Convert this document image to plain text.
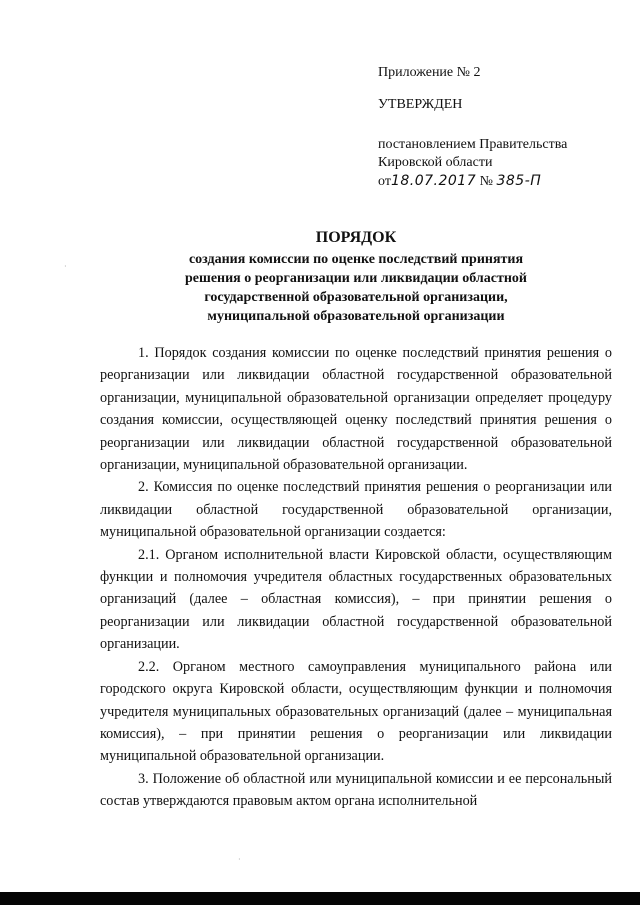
Приложение № 2
УТВЕРЖДЕН
постановлением Правительства
Кировской области
от18.07.2017 № 385-П
ПОРЯДОК
создания комиссии по оценке последствий принятия
решения о реорганизации или ликвидации областной
государственной образовательной организации,
муниципальной образовательной организации

1. Порядок создания комиссии по оценке последствий принятия решения о реорганизации или ликвидации областной государственной образовательной организации, муниципальной образовательной организации определяет процедуру создания комиссии, осуществляющей оценку последствий принятия решения о реорганизации или ликвидации областной государственной образовательной организации, муниципальной образовательной организации.

2. Комиссия по оценке последствий принятия решения о реорганизации или ликвидации областной государственной образовательной организации, муниципальной образовательной организации создается:

2.1. Органом исполнительной власти Кировской области, осуществляющим функции и полномочия учредителя областных государственных образовательных организаций (далее – областная комиссия), – при принятии решения о реорганизации или ликвидации областной государственной образовательной организации.

2.2. Органом местного самоуправления муниципального района или городского округа Кировской области, осуществляющим функции и полномочия учредителя муниципальных образовательных организаций (далее – муниципальная комиссия), – при принятии решения о реорганизации или ликвидации муниципальной образовательной организации.

3. Положение об областной или муниципальной комиссии и ее персональный состав утверждаются правовым актом органа исполнительной

·
·
